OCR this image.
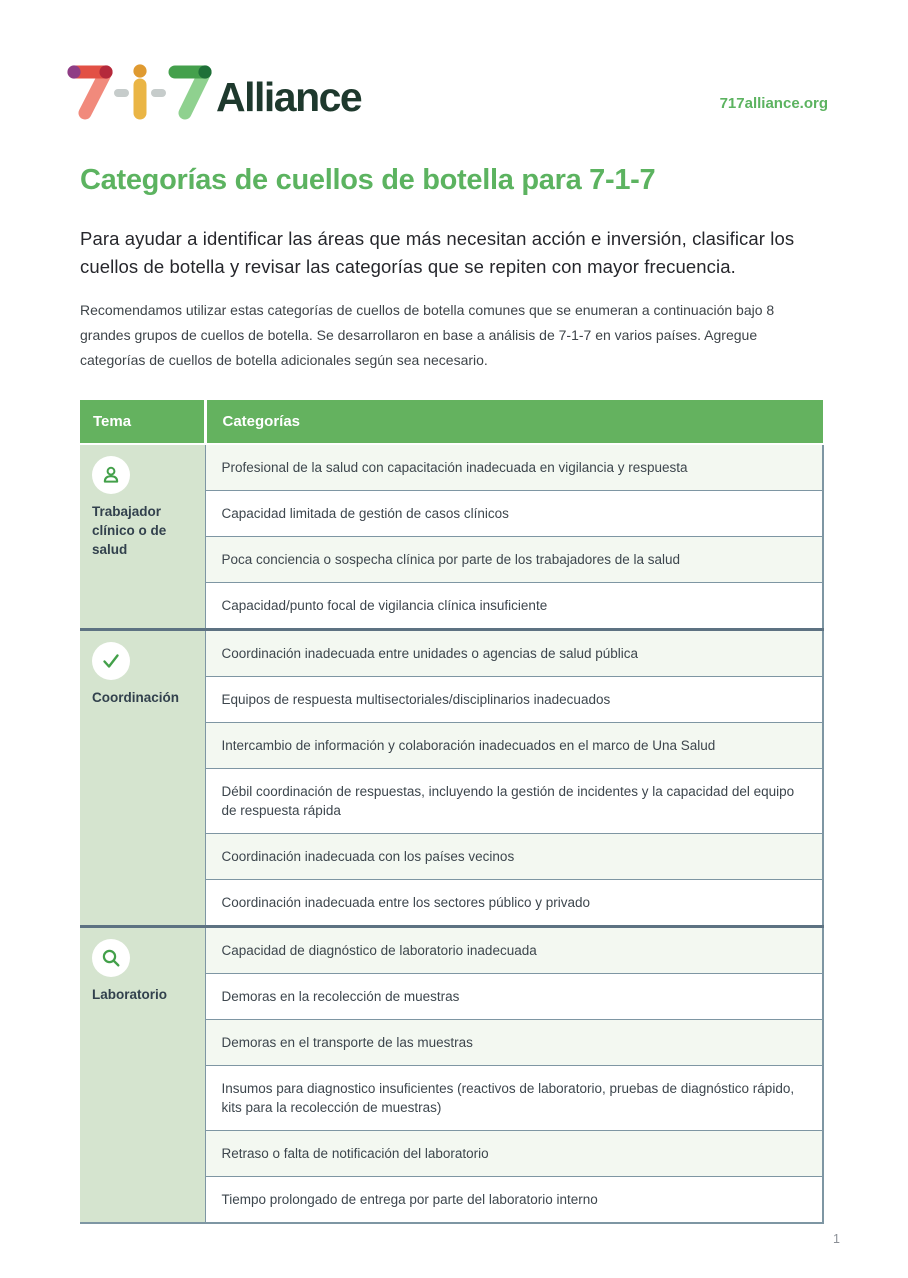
Alliance	717alliance.org
Categorías de cuellos de botella para 7-1-7

Para ayudar a identificar las áreas que más necesitan acción e inversión, clasificar los cuellos de botella y revisar las categorías que se repiten con mayor frecuencia.

Recomendamos utilizar estas categorías de cuellos de botella comunes que se enumeran a continuación bajo 8 grandes grupos de cuellos de botella. Se desarrollaron en base a análisis de 7-1-7 en varios países. Agregue categorías de cuellos de botella adicionales según sea necesario.

Tema	Categorías

Trabajador clínico o de salud	Profesional de la salud con capacitación inadecuada en vigilancia y respuesta
	Capacidad limitada de gestión de casos clínicos
	Poca conciencia o sospecha clínica por parte de los trabajadores de la salud
	Capacidad/punto focal de vigilancia clínica insuficiente

Coordinación	Coordinación inadecuada entre unidades o agencias de salud pública
	Equipos de respuesta multisectoriales/disciplinarios inadecuados
	Intercambio de información y colaboración inadecuados en el marco de Una Salud
	Débil coordinación de respuestas, incluyendo la gestión de incidentes y la capacidad del equipo de respuesta rápida
	Coordinación inadecuada con los países vecinos
	Coordinación inadecuada entre los sectores público y privado

Laboratorio	Capacidad de diagnóstico de laboratorio inadecuada
	Demoras en la recolección de muestras
	Demoras en el transporte de las muestras
	Insumos para diagnostico insuficientes (reactivos de laboratorio, pruebas de diagnóstico rápido, kits para la recolección de muestras)
	Retraso o falta de notificación del laboratorio
	Tiempo prolongado de entrega por parte del laboratorio interno
1
